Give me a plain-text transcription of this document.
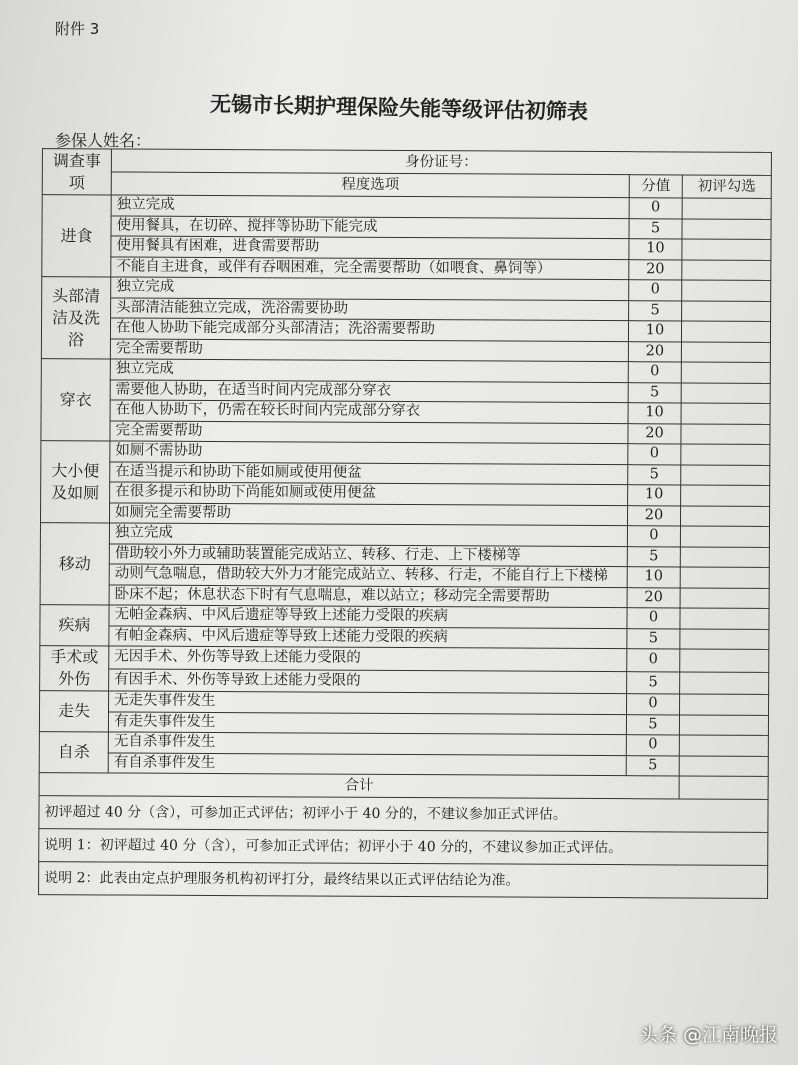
附件 3
无锡市长期护理保险失能等级评估初筛表
参保人姓名：
调查事项	身份证号：		
	程度选项	分值	初评勾选
进食	独立完成	0	
	使用餐具，在切碎、搅拌等协助下能完成	5	
	使用餐具有困难，进食需要帮助	10	
	不能自主进食，或伴有吞咽困难，完全需要帮助（如喂食、鼻饲等）	20	
头部清洁及洗浴	独立完成	0	
	头部清洁能独立完成，洗浴需要协助	5	
	在他人协助下能完成部分头部清洁；洗浴需要帮助	10	
	完全需要帮助	20	
穿衣	独立完成	0	
	需要他人协助，在适当时间内完成部分穿衣	5	
	在他人协助下，仍需在较长时间内完成部分穿衣	10	
	完全需要帮助	20	
大小便及如厕	如厕不需协助	0	
	在适当提示和协助下能如厕或使用便盆	5	
	在很多提示和协助下尚能如厕或使用便盆	10	
	如厕完全需要帮助	20	
移动	独立完成	0	
	借助较小外力或辅助装置能完成站立、转移、行走、上下楼梯等	5	
	动则气急喘息，借助较大外力才能完成站立、转移、行走，不能自行上下楼梯	10	
	卧床不起；休息状态下时有气息喘息，难以站立；移动完全需要帮助	20	
疾病	无帕金森病、中风后遗症等导致上述能力受限的疾病	0	
	有帕金森病、中风后遗症等导致上述能力受限的疾病	5	
手术或外伤	无因手术、外伤等导致上述能力受限的	0	
	有因手术、外伤等导致上述能力受限的	5	
走失	无走失事件发生	0	
	有走失事件发生	5	
自杀	无自杀事件发生	0	
	有自杀事件发生	5	
合计			
初评超过 40 分（含），可参加正式评估；初评小于 40 分的，不建议参加正式评估。			
说明 1：初评超过 40 分（含），可参加正式评估；初评小于 40 分的，不建议参加正式评估。			
说明 2：此表由定点护理服务机构初评打分，最终结果以正式评估结论为准。			
头条 @江南晚报
